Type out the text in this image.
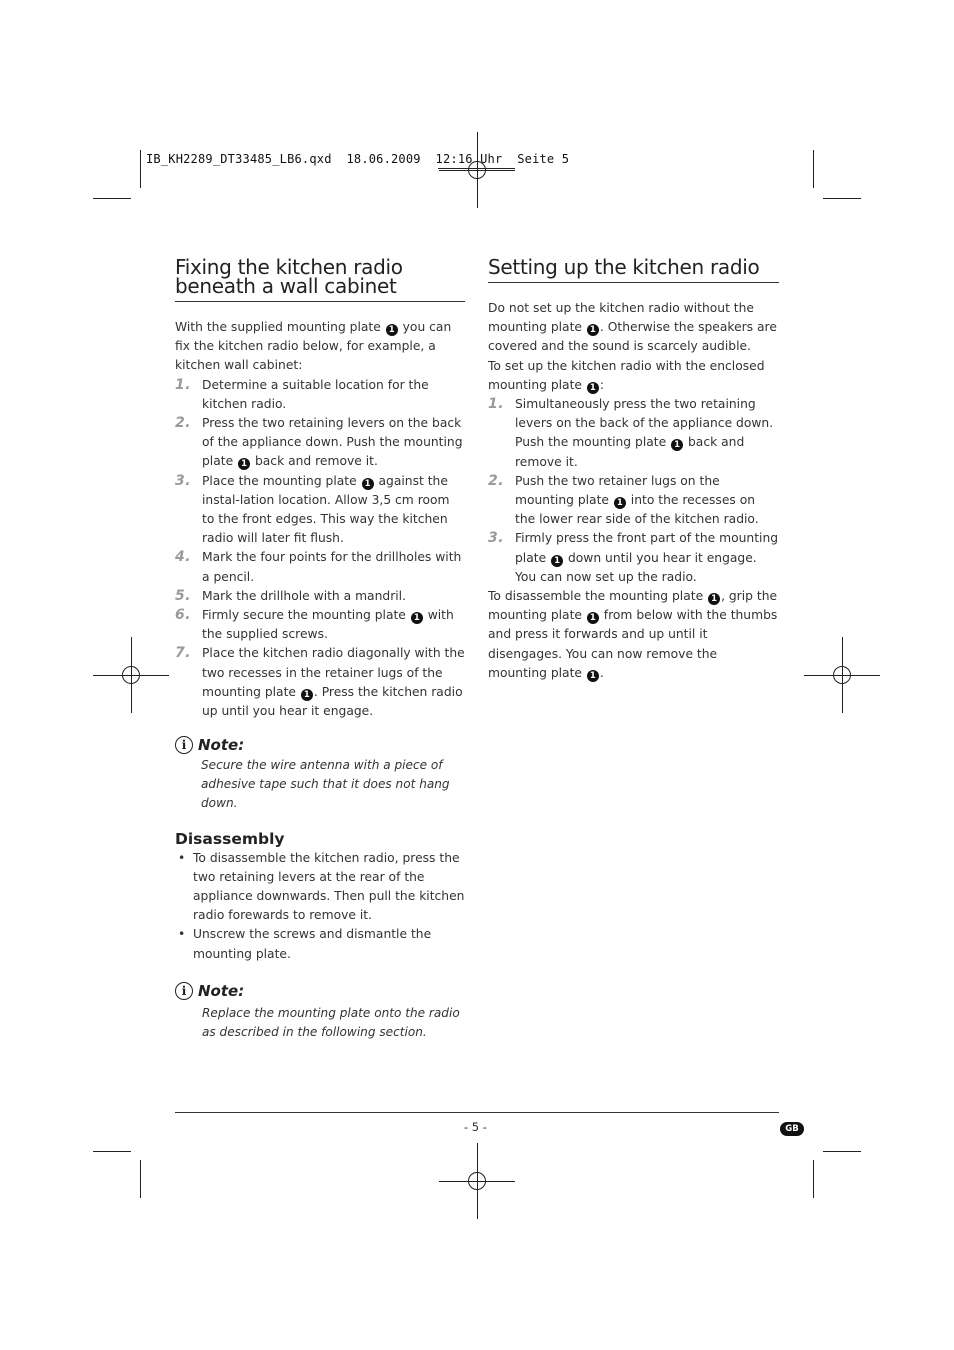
IB_KH2289_DT33485_LB6.qxd  18.06.2009  12:16 Uhr  Seite 5
Fixing the kitchen radio beneath a wall cabinet

With the supplied mounting plate 1 you can fix the kitchen radio below, for example, a kitchen wall cabinet:

1. Determine a suitable location for the kitchen radio.
2. Press the two retaining levers on the back of the appliance down. Push the mounting plate 1 back and remove it.
3. Place the mounting plate 1 against the instal-lation location. Allow 3,5 cm room to the front edges. This way the kitchen radio will later fit flush.
4. Mark the four points for the drillholes with a pencil.
5. Mark the drillhole with a mandril.
6. Firmly secure the mounting plate 1 with the supplied screws.
7. Place the kitchen radio diagonally with the two recesses in the retainer lugs of the mounting plate 1 . Press the kitchen radio up until you hear it engage.
i Note:

Secure the wire antenna with a piece of adhesive tape such that it does not hang down.

Disassembly
• To disassemble the kitchen radio, press the two retaining levers at the rear of the appliance downwards. Then pull the kitchen radio forewards to remove it.
• Unscrew the screws and dismantle the mounting plate.
i Note:

Replace the mounting plate onto the radio as described in the following section.

Setting up the kitchen radio

Do not set up the kitchen radio without the mounting plate 1 . Otherwise the speakers are covered and the sound is scarcely audible.

To set up the kitchen radio with the enclosed mounting plate 1 :

1. Simultaneously press the two retaining levers on the back of the appliance down. Push the mounting plate 1 back and remove it.
2. Push the two retainer lugs on the mounting plate 1 into the recesses on the lower rear side of the kitchen radio.
3. Firmly press the front part of the mounting plate 1 down until you hear it engage. You can now set up the radio.

To disassemble the mounting plate 1 , grip the mounting plate 1 from below with the thumbs and press it forwards and up until it disengages. You can now remove the mounting plate 1 .

- 5 -	GB
